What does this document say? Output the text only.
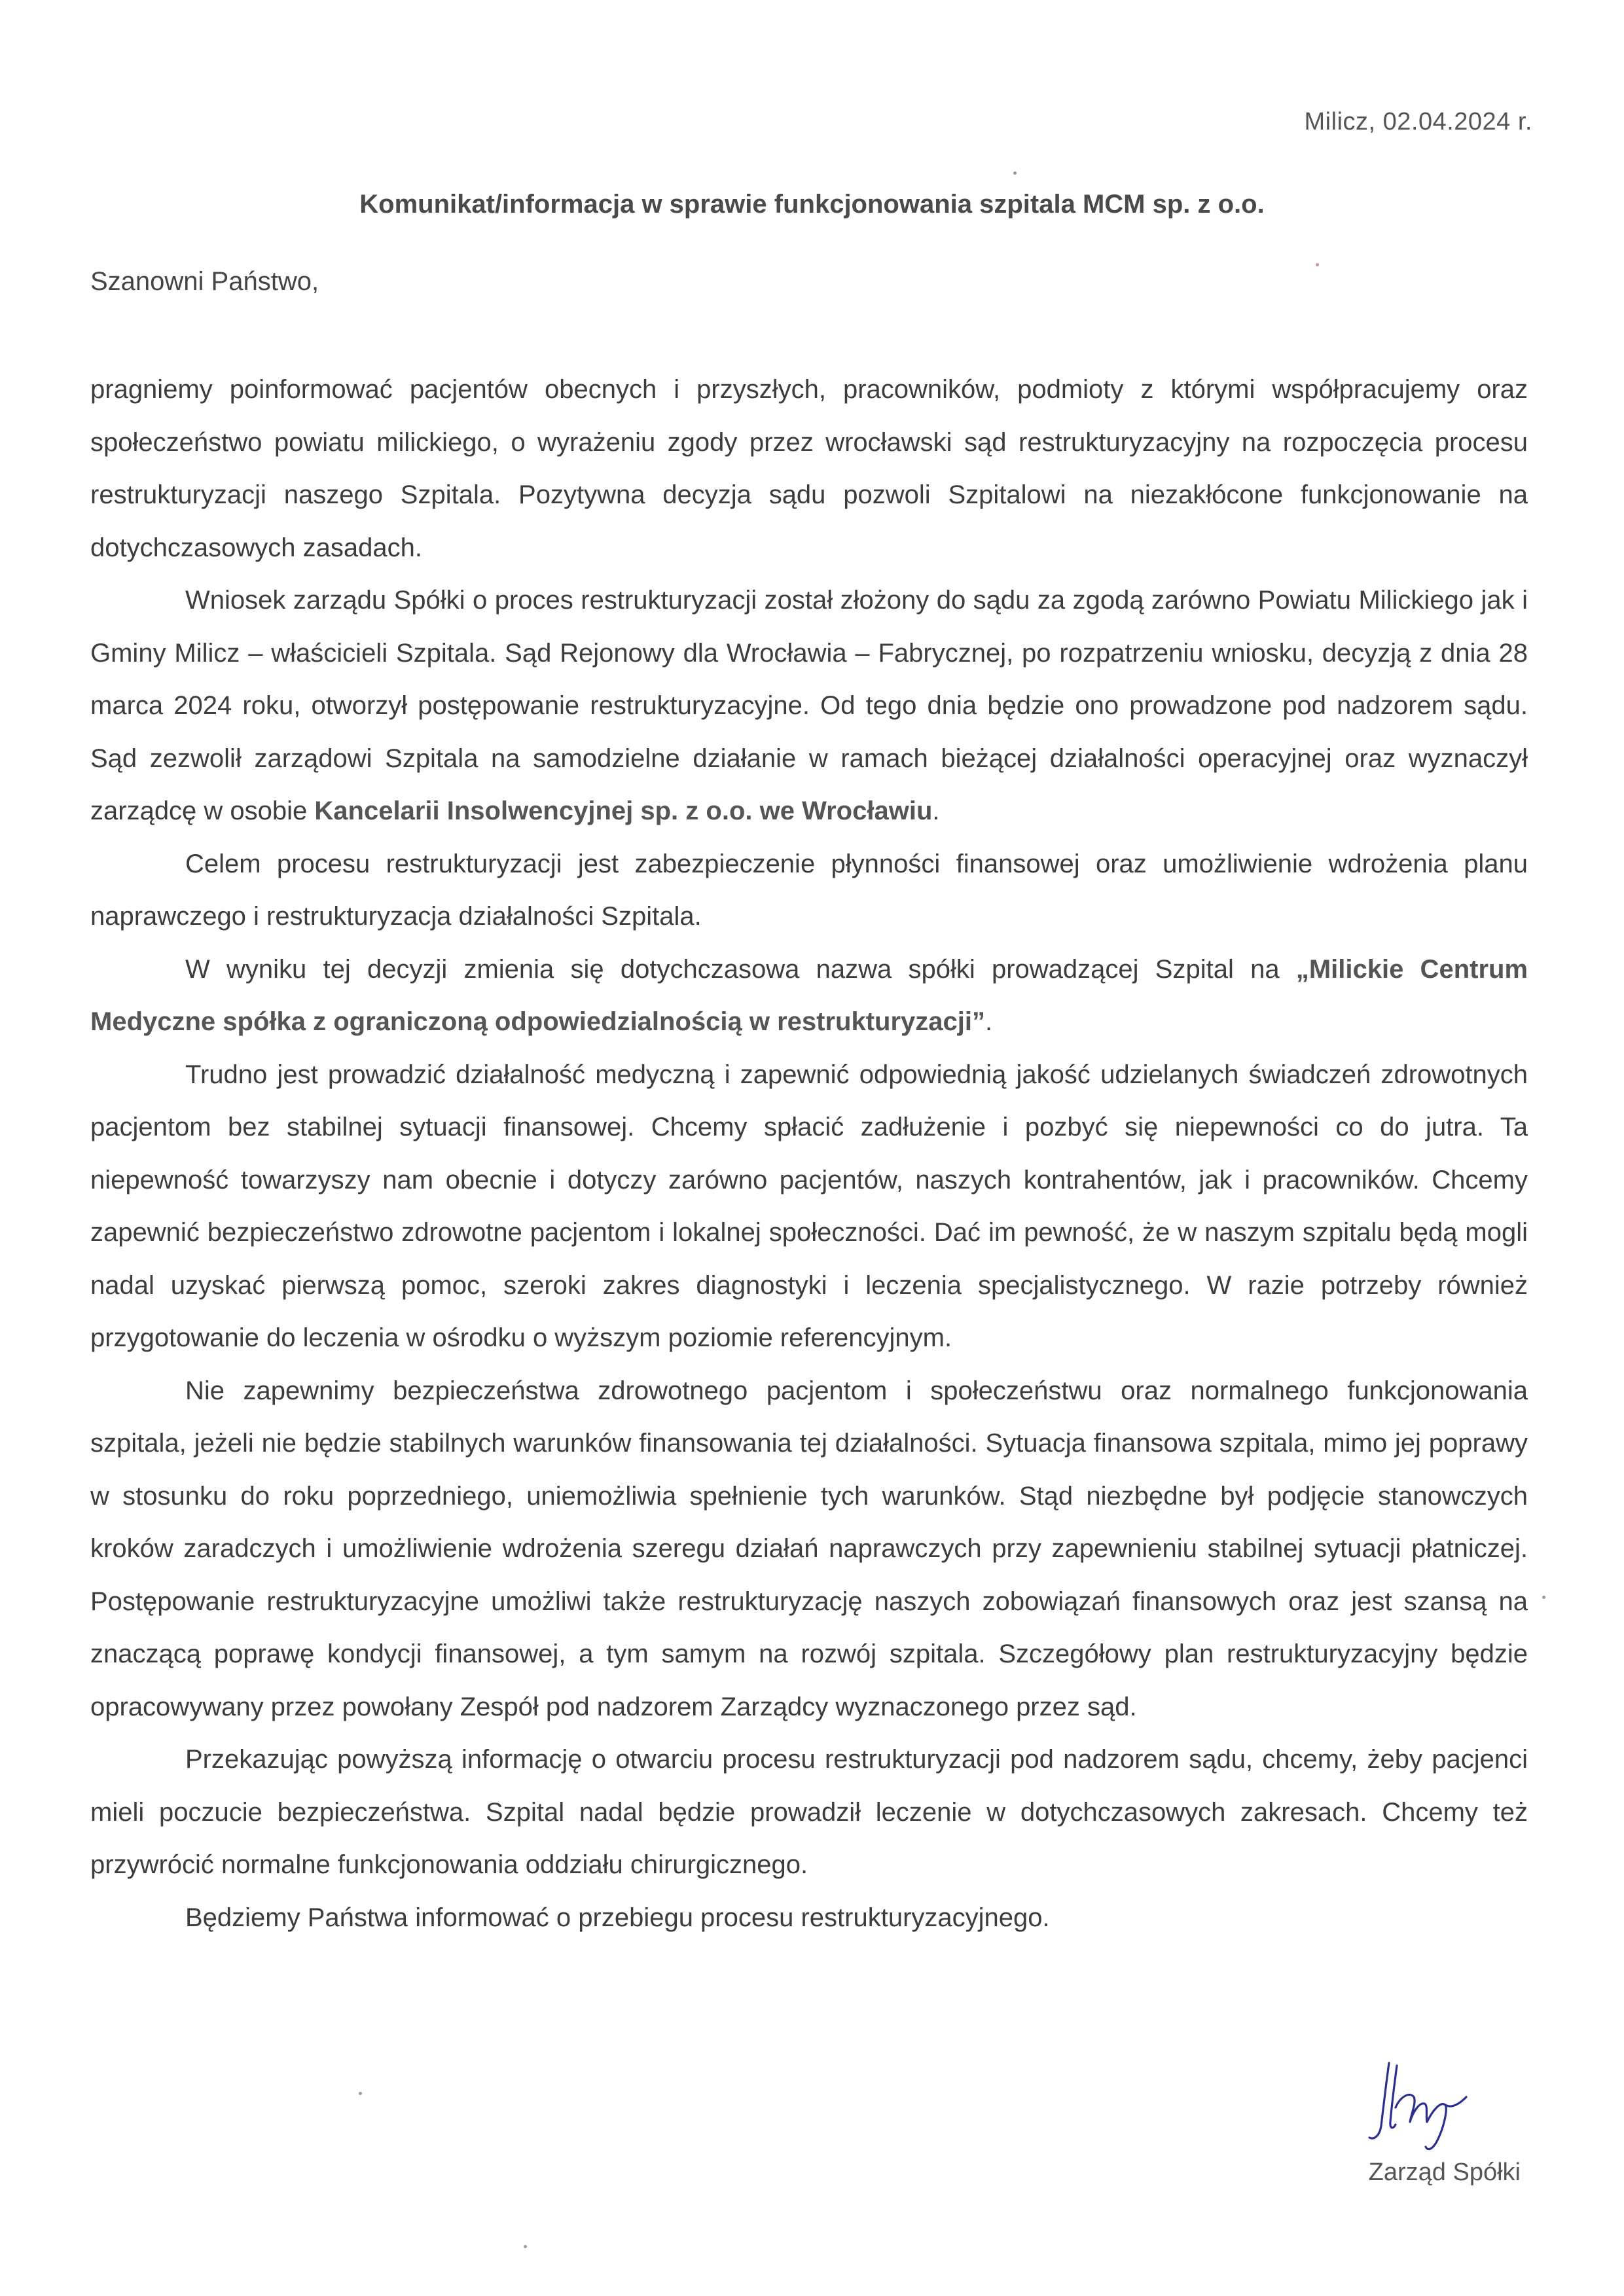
Milicz, 02.04.2024 r.
Komunikat/informacja w sprawie funkcjonowania szpitala MCM sp. z o.o.
Szanowni Państwo,

pragniemy poinformować pacjentów obecnych i przyszłych, pracowników, podmioty z którymi współpracujemy oraz społeczeństwo powiatu milickiego, o wyrażeniu zgody przez wrocławski sąd restrukturyzacyjny na rozpoczęcia procesu restrukturyzacji naszego Szpitala. Pozytywna decyzja sądu pozwoli Szpitalowi na niezakłócone funkcjonowanie na dotychczasowych zasadach.

Wniosek zarządu Spółki o proces restrukturyzacji został złożony do sądu za zgodą zarówno Powiatu Milickiego jak i Gminy Milicz – właścicieli Szpitala. Sąd Rejonowy dla Wrocławia – Fabrycznej, po rozpatrzeniu wniosku, decyzją z dnia 28 marca 2024 roku, otworzył postępowanie restrukturyzacyjne. Od tego dnia będzie ono prowadzone pod nadzorem sądu. Sąd zezwolił zarządowi Szpitala na samodzielne działanie w ramach bieżącej działalności operacyjnej oraz wyznaczył zarządcę w osobie Kancelarii Insolwencyjnej sp. z o.o. we Wrocławiu.

Celem procesu restrukturyzacji jest zabezpieczenie płynności finansowej oraz umożliwienie wdrożenia planu naprawczego i restrukturyzacja działalności Szpitala.

W wyniku tej decyzji zmienia się dotychczasowa nazwa spółki prowadzącej Szpital na „Milickie Centrum Medyczne spółka z ograniczoną odpowiedzialnością w restrukturyzacji”.

Trudno jest prowadzić działalność medyczną i zapewnić odpowiednią jakość udzielanych świadczeń zdrowotnych pacjentom bez stabilnej sytuacji finansowej. Chcemy spłacić zadłużenie i pozbyć się niepewności co do jutra. Ta niepewność towarzyszy nam obecnie i dotyczy zarówno pacjentów, naszych kontrahentów, jak i pracowników. Chcemy zapewnić bezpieczeństwo zdrowotne pacjentom i lokalnej społeczności. Dać im pewność, że w naszym szpitalu będą mogli nadal uzyskać pierwszą pomoc, szeroki zakres diagnostyki i leczenia specjalistycznego. W razie potrzeby również przygotowanie do leczenia w ośrodku o wyższym poziomie referencyjnym.

Nie zapewnimy bezpieczeństwa zdrowotnego pacjentom i społeczeństwu oraz normalnego funkcjonowania szpitala, jeżeli nie będzie stabilnych warunków finansowania tej działalności. Sytuacja finansowa szpitala, mimo jej poprawy w stosunku do roku poprzedniego, uniemożliwia spełnienie tych warunków. Stąd niezbędne był podjęcie stanowczych kroków zaradczych i umożliwienie wdrożenia szeregu działań naprawczych przy zapewnieniu stabilnej sytuacji płatniczej. Postępowanie restrukturyzacyjne umożliwi także restrukturyzację naszych zobowiązań finansowych oraz jest szansą na znaczącą poprawę kondycji finansowej, a tym samym na rozwój szpitala. Szczegółowy plan restrukturyzacyjny będzie opracowywany przez powołany Zespół pod nadzorem Zarządcy wyznaczonego przez sąd.

Przekazując powyższą informację o otwarciu procesu restrukturyzacji pod nadzorem sądu, chcemy, żeby pacjenci mieli poczucie bezpieczeństwa. Szpital nadal będzie prowadził leczenie w dotychczasowych zakresach. Chcemy też przywrócić normalne funkcjonowania oddziału chirurgicznego.

Będziemy Państwa informować o przebiegu procesu restrukturyzacyjnego.

Zarząd Spółki
